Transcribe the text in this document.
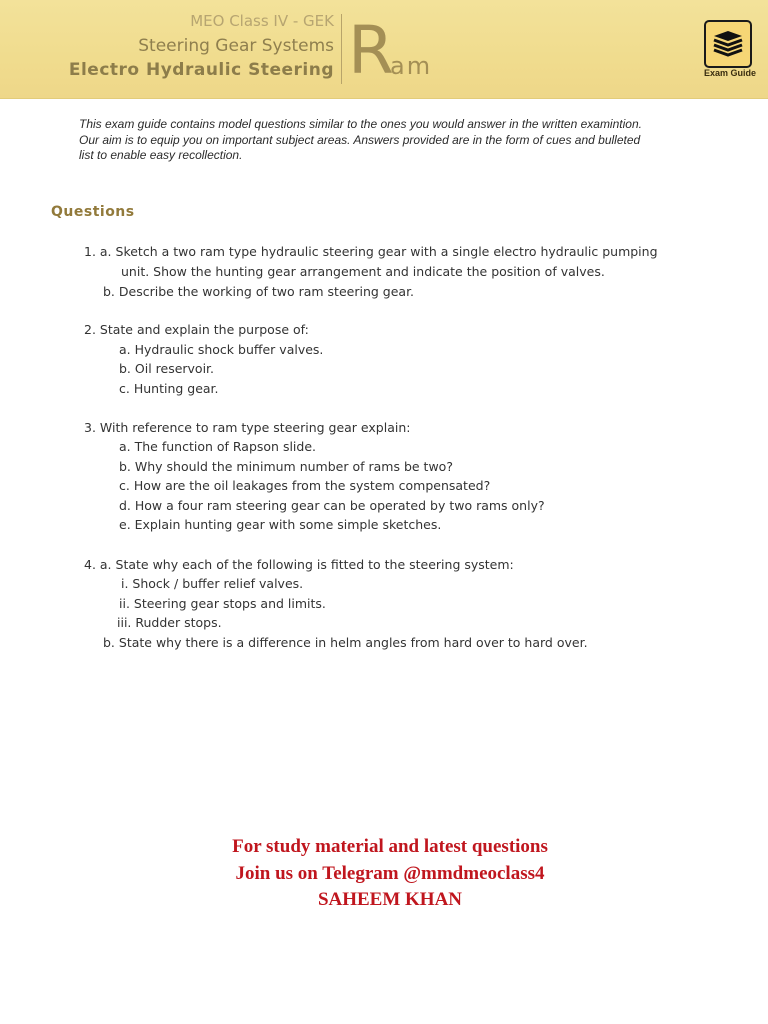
MEO Class IV - GEK
Steering Gear Systems
Electro Hydraulic Steering R
am	Exam Guide
This exam guide contains model questions similar to the ones you would answer in the written examintion.
Our aim is to equip you on important subject areas. Answers provided are in the form of cues and bulleted
list to enable easy recollection.
Questions
1. a. Sketch a two ram type hydraulic steering gear with a single electro hydraulic pumping
unit. Show the hunting gear arrangement and indicate the position of valves.
b. Describe the working of two ram steering gear.
2. State and explain the purpose of:
a. Hydraulic shock buffer valves.
b. Oil reservoir.
c. Hunting gear.
3. With reference to ram type steering gear explain:
a. The function of Rapson slide.
b. Why should the minimum number of rams be two?
c. How are the oil leakages from the system compensated?
d. How a four ram steering gear can be operated by two rams only?
e. Explain hunting gear with some simple sketches.
4. a. State why each of the following is fitted to the steering system:
i. Shock / buffer relief valves.
ii. Steering gear stops and limits.
iii. Rudder stops.
b. State why there is a difference in helm angles from hard over to hard over.
For study material and latest questions
Join us on Telegram @mmdmeoclass4
SAHEEM KHAN
